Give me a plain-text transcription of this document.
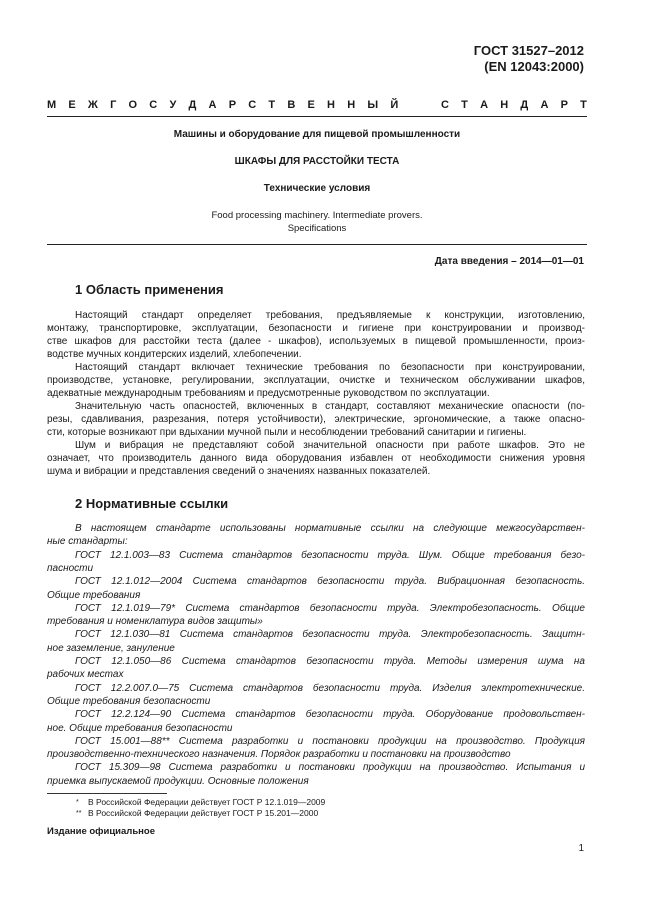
ГОСТ 31527–2012
(EN 12043:2000)
М Е Ж Г О С У Д А Р С Т В Е Н Н Ы Й

	С Т А Н Д А Р Т
Машины и оборудование для пищевой промышленности
ШКАФЫ ДЛЯ РАССТОЙКИ ТЕСТА
Технические условия
Food processing machinery. Intermediate provers.
Specifications
Дата введения – 2014—01—01
1 Область применения
Настоящий стандарт определяет требования, предъявляемые к конструкции, изготовлению,
монтажу, транспортировке, эксплуатации, безопасности и гигиене при конструировании и производ-
стве шкафов для расстойки теста (далее - шкафов), используемых в пищевой промышленности, произ-
водстве мучных кондитерских изделий, хлебопечении.
Настоящий стандарт включает технические требования по безопасности при конструировании,
производстве, установке, регулировании, эксплуатации, очистке и техническом обслуживании шкафов,
адекватные международным требованиям и предусмотренные руководством по эксплуатации.
Значительную часть опасностей, включенных в стандарт, составляют механические опасности (по-
резы, сдавливания, разрезания, потеря устойчивости), электрические, эргономические, а также опасно-
сти, которые возникают при вдыхании мучной пыли и несоблюдении требований санитарии и гигиены.
Шум и вибрация не представляют собой значительной опасности при работе шкафов. Это не
означает, что производитель данного вида оборудования избавлен от необходимости снижения уровня
шума и вибрации и представления сведений о значениях названных показателей.
2 Нормативные ссылки
В настоящем стандарте использованы нормативные ссылки на следующие межгосударствен-
ные стандарты:
ГОСТ 12.1.003—83 Система стандартов безопасности труда. Шум. Общие требования безо-
пасности
ГОСТ 12.1.012—2004 Система стандартов безопасности труда. Вибрационная безопасность.
Общие требования
ГОСТ 12.1.019—79* Система стандартов безопасности труда. Электробезопасность. Общие
требования и номенклатура видов защиты»
ГОСТ 12.1.030—81 Система стандартов безопасности труда. Электробезопасность. Защитн-
ное заземление, зануление
ГОСТ 12.1.050—86 Система стандартов безопасности труда. Методы измерения шума на
рабочих местах
ГОСТ 12.2.007.0—75 Система стандартов безопасности труда. Изделия электротехнические.
Общие требования безопасности
ГОСТ 12.2.124—90 Система стандартов безопасности труда. Оборудование продовольствен-
ное. Общие требования безопасности
ГОСТ 15.001—88** Система разработки и постановки продукции на производство. Продукция
производственно-технического назначения. Порядок разработки и постановки на производство
ГОСТ 15.309—98 Система разработки и постановки продукции на производство. Испытания и
приемка выпускаемой продукции. Основные положения
* В Российской Федерации действует ГОСТ Р 12.1.019—2009
** В Российской Федерации действует ГОСТ Р 15.201—2000
Издание официальное
1
